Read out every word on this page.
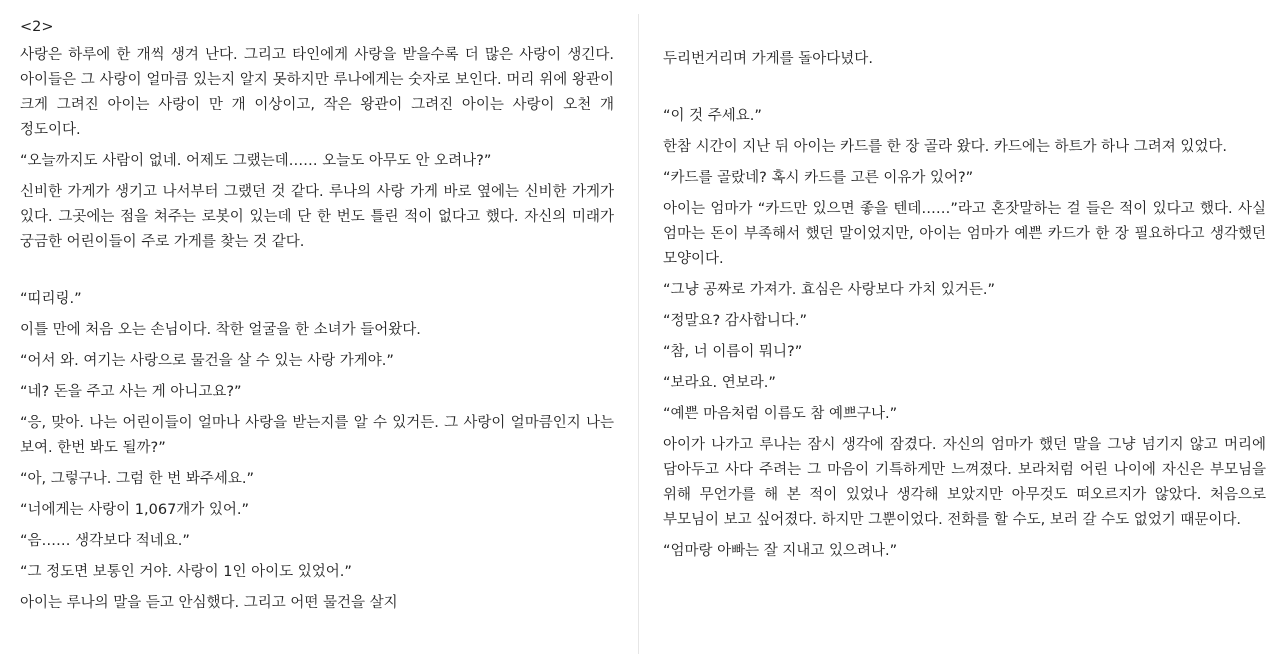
<2>

사랑은 하루에 한 개씩 생겨 난다. 그리고 타인에게 사랑을 받을수록 더 많은 사랑이 생긴다. 아이들은 그 사랑이 얼마큼 있는지 알지 못하지만 루나에게는 숫자로 보인다. 머리 위에 왕관이 크게 그려진 아이는 사랑이 만 개 이상이고, 작은 왕관이 그려진 아이는 사랑이 오천 개 정도이다.

“오늘까지도 사람이 없네. 어제도 그랬는데…… 오늘도 아무도 안 오려나?”

신비한 가게가 생기고 나서부터 그랬던 것 같다. 루나의 사랑 가게 바로 옆에는 신비한 가게가 있다. 그곳에는 점을 쳐주는 로봇이 있는데 단 한 번도 틀린 적이 없다고 했다. 자신의 미래가 궁금한 어린이들이 주로 가게를 찾는 것 같다.

“띠리링.”

이틀 만에 처음 오는 손님이다. 착한 얼굴을 한 소녀가 들어왔다.

“어서 와. 여기는 사랑으로 물건을 살 수 있는 사랑 가게야.”

“네? 돈을 주고 사는 게 아니고요?”

“응, 맞아. 나는 어린이들이 얼마나 사랑을 받는지를 알 수 있거든. 그 사랑이 얼마큼인지 나는 보여. 한번 봐도 될까?”

“아, 그렇구나. 그럼 한 번 봐주세요.”

“너에게는 사랑이 1,067개가 있어.”

“음…… 생각보다 적네요.”

“그 정도면 보통인 거야. 사랑이 1인 아이도 있었어.”

아이는 루나의 말을 듣고 안심했다. 그리고 어떤 물건을 살지

두리번거리며 가게를 돌아다녔다.

“이 것 주세요.”

한참 시간이 지난 뒤 아이는 카드를 한 장 골라 왔다. 카드에는 하트가 하나 그려져 있었다.

“카드를 골랐네? 혹시 카드를 고른 이유가 있어?”

아이는 엄마가 “카드만 있으면 좋을 텐데……”라고 혼잣말하는 걸 들은 적이 있다고 했다. 사실 엄마는 돈이 부족해서 했던 말이었지만, 아이는 엄마가 예쁜 카드가 한 장 필요하다고 생각했던 모양이다.

“그냥 공짜로 가져가. 효심은 사랑보다 가치 있거든.”

“정말요? 감사합니다.”

“참, 너 이름이 뭐니?”

“보라요. 연보라.”

“예쁜 마음처럼 이름도 참 예쁘구나.”

아이가 나가고 루나는 잠시 생각에 잠겼다. 자신의 엄마가 했던 말을 그냥 넘기지 않고 머리에 담아두고 사다 주려는 그 마음이 기특하게만 느껴졌다. 보라처럼 어린 나이에 자신은 부모님을 위해 무언가를 해 본 적이 있었나 생각해 보았지만 아무것도 떠오르지가 않았다. 처음으로 부모님이 보고 싶어졌다. 하지만 그뿐이었다. 전화를 할 수도, 보러 갈 수도 없었기 때문이다.

“엄마랑 아빠는 잘 지내고 있으려나.”
